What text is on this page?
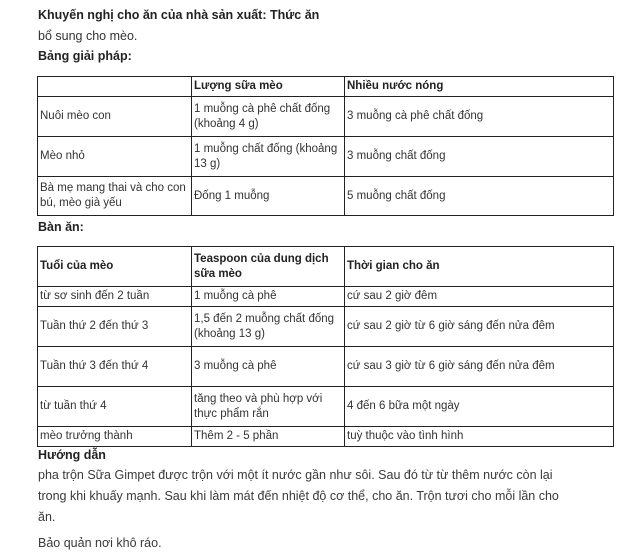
Khuyến nghị cho ăn của nhà sản xuất: Thức ăn
bổ sung cho mèo.
Bảng giải pháp:
	Lượng sữa mèo	Nhiều nước nóng
Nuôi mèo con	1 muỗng cà phê chất đống (khoảng 4 g)	3 muỗng cà phê chất đống
Mèo nhỏ	1 muỗng chất đống (khoảng 13 g)	3 muỗng chất đống
Bà mẹ mang thai và cho con bú, mèo già yếu	Đống 1 muỗng	5 muỗng chất đống
Bàn ăn:
Tuổi của mèo	Teaspoon của dung dịch sữa mèo	Thời gian cho ăn
từ sơ sinh đến 2 tuần	1 muỗng cà phê	cứ sau 2 giờ đêm
Tuần thứ 2 đến thứ 3	1,5 đến 2 muỗng chất đống (khoảng 13 g)	cứ sau 2 giờ từ 6 giờ sáng đến nửa đêm
Tuần thứ 3 đến thứ 4	3 muỗng cà phê	cứ sau 3 giờ từ 6 giờ sáng đến nửa đêm
từ tuần thứ 4	tăng theo và phù hợp với thực phẩm rắn	4 đến 6 bữa một ngày
mèo trưởng thành	Thêm 2 - 5 phần	tuỳ thuộc vào tình hình
Hướng dẫn
pha trộn Sữa Gimpet được trộn với một ít nước gần như sôi. Sau đó từ từ thêm nước còn lại
trong khi khuấy mạnh. Sau khi làm mát đến nhiệt độ cơ thể, cho ăn. Trộn tươi cho mỗi lần cho
ăn.
Bảo quản nơi khô ráo.
